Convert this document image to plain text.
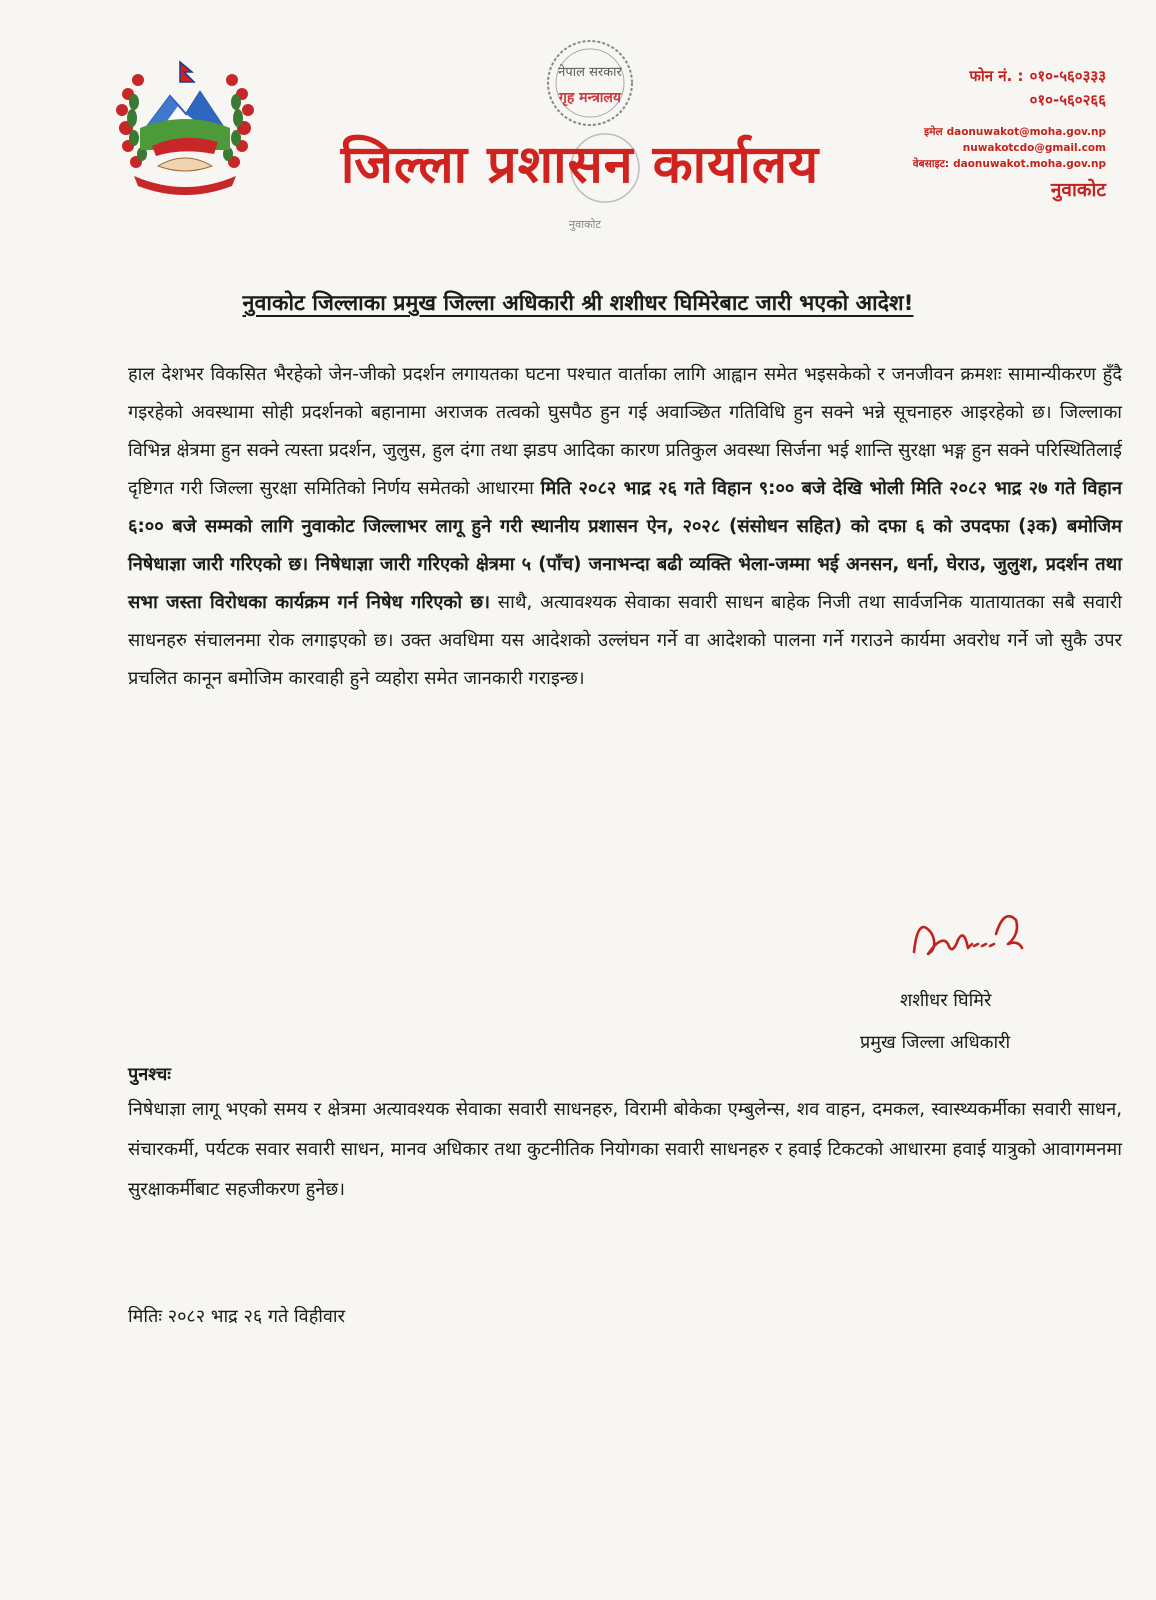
नेपाल सरकार
गृह मन्त्रालय
नुवाकोट
जिल्ला प्रशासन कार्यालय
फोन नं. : ०१०-५६०३३३
०१०-५६०२६६
इमेल daonuwakot@moha.gov.np
nuwakotcdo@gmail.com
वेबसाइट: daonuwakot.moha.gov.np
नुवाकोट
नुवाकोट जिल्लाका प्रमुख जिल्ला अधिकारी श्री शशीधर घिमिरेबाट जारी भएको आदेश!

हाल देशभर विकसित भैरहेको जेन-जीको प्रदर्शन लगायतका घटना पश्चात वार्ताका लागि आह्वान समेत भइसकेको र जनजीवन क्रमशः सामान्यीकरण हुँदै गइरहेको अवस्थामा सोही प्रदर्शनको बहानामा अराजक तत्वको घुसपैठ हुन गई अवाञ्छित गतिविधि हुन सक्ने भन्ने सूचनाहरु आइरहेको छ। जिल्लाका विभिन्न क्षेत्रमा हुन सक्ने त्यस्ता प्रदर्शन, जुलुस, हुल दंगा तथा झडप आदिका कारण प्रतिकुल अवस्था सिर्जना भई शान्ति सुरक्षा भङ्ग हुन सक्ने परिस्थितिलाई दृष्टिगत गरी जिल्ला सुरक्षा समितिको निर्णय समेतको आधारमा मिति २०८२ भाद्र २६ गते विहान ९:०० बजे देखि भोली मिति २०८२ भाद्र २७ गते विहान ६:०० बजे सम्मको लागि नुवाकोट जिल्लाभर लागू हुने गरी स्थानीय प्रशासन ऐन, २०२८ (संसोधन सहित) को दफा ६ को उपदफा (३क) बमोजिम निषेधाज्ञा जारी गरिएको छ। निषेधाज्ञा जारी गरिएको क्षेत्रमा ५ (पाँच) जनाभन्दा बढी व्यक्ति भेला-जम्मा भई अनसन, धर्ना, घेराउ, जुलुश, प्रदर्शन तथा सभा जस्ता विरोधका कार्यक्रम गर्न निषेध गरिएको छ। साथै, अत्यावश्यक सेवाका सवारी साधन बाहेक निजी तथा सार्वजनिक यातायातका सबै सवारी साधनहरु संचालनमा रोक लगाइएको छ। उक्त अवधिमा यस आदेशको उल्लंघन गर्ने वा आदेशको पालना गर्ने गराउने कार्यमा अवरोध गर्ने जो सुकै उपर प्रचलित कानून बमोजिम कारवाही हुने व्यहोरा समेत जानकारी गराइन्छ।

शशीधर घिमिरे
प्रमुख जिल्ला अधिकारी
पुनश्चः

निषेधाज्ञा लागू भएको समय र क्षेत्रमा अत्यावश्यक सेवाका सवारी साधनहरु, विरामी बोकेका एम्बुलेन्स, शव वाहन, दमकल, स्वास्थ्यकर्मीका सवारी साधन, संचारकर्मी, पर्यटक सवार सवारी साधन, मानव अधिकार तथा कुटनीतिक नियोगका सवारी साधनहरु र हवाई टिकटको आधारमा हवाई यात्रुको आवागमनमा सुरक्षाकर्मीबाट सहजीकरण हुनेछ।

मितिः २०८२ भाद्र २६ गते विहीवार
